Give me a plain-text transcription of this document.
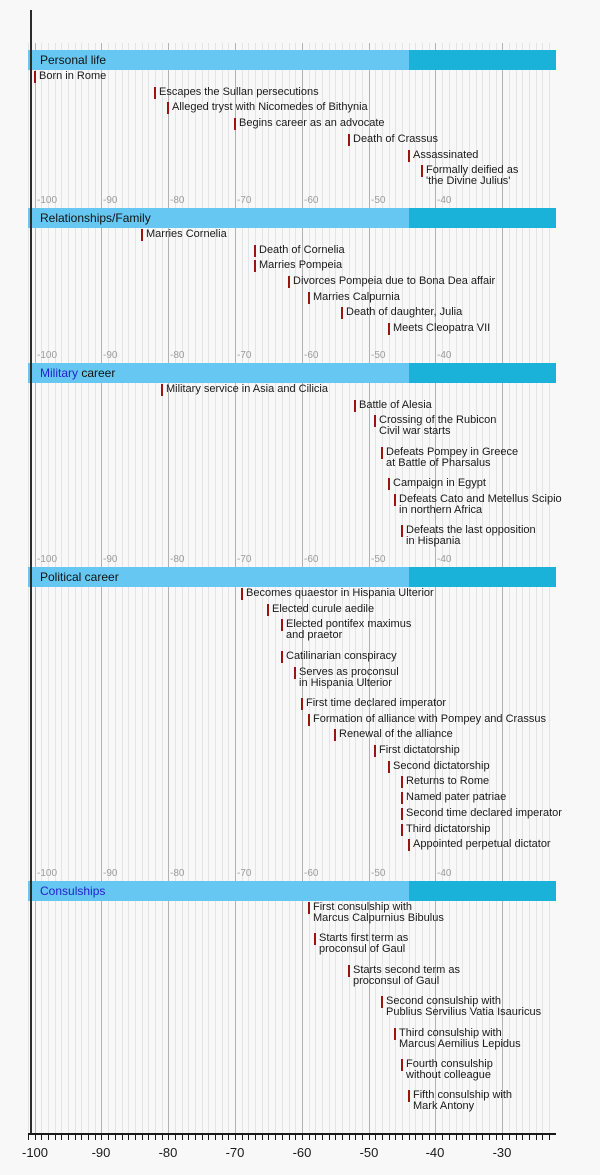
Personal life
Born in Rome
Escapes the Sullan persecutions
Alleged tryst with Nicomedes of Bithynia
Begins career as an advocate
Death of Crassus
Assassinated
Formally deified as
'the Divine Julius'
Relationships/Family
Marries Cornelia
Death of Cornelia
Marries Pompeia
Divorces Pompeia due to Bona Dea affair
Marries Calpurnia
Death of daughter, Julia
Meets Cleopatra VII
Military career
Military service in Asia and Cilicia
Battle of Alesia
Crossing of the Rubicon
Civil war starts
Defeats Pompey in Greece
at Battle of Pharsalus
Campaign in Egypt
Defeats Cato and Metellus Scipio
in northern Africa
Defeats the last opposition
in Hispania
Political career
Becomes quaestor in Hispania Ulterior
Elected curule aedile
Elected pontifex maximus
and praetor
Catilinarian conspiracy
Serves as proconsul
in Hispania Ulterior
First time declared imperator
Formation of alliance with Pompey and Crassus
Renewal of the alliance
First dictatorship
Second dictatorship
Returns to Rome
Named pater patriae
Second time declared imperator
Third dictatorship
Appointed perpetual dictator
Consulships
First consulship with
Marcus Calpurnius Bibulus
Starts first term as
proconsul of Gaul
Starts second term as
proconsul of Gaul
Second consulship with
Publius Servilius Vatia Isauricus
Third consulship with
Marcus Aemilius Lepidus
Fourth consulship
without colleague
Fifth consulship with
Mark Antony
-100	-90	-80	-70	-60	-50	-40
-100	-90	-80	-70	-60	-50	-40
-100	-90	-80	-70	-60	-50	-40
-100	-90	-80	-70	-60	-50	-40
-100	-90	-80	-70	-60	-50	-40	-30
